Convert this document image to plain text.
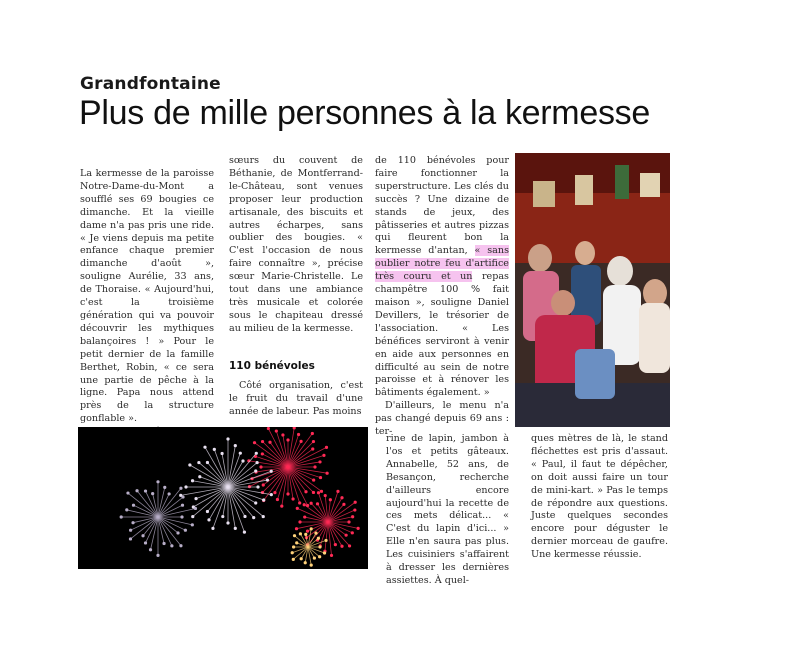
Grandfontaine
Plus de mille personnes à la kermesse

La kermesse de la paroisse Notre-Dame-du-Mont a soufflé ses 69 bougies ce dimanche. Et la vieille dame n'a pas pris une ride. « Je viens depuis ma petite enfance chaque premier dimanche d'août », souligne Aurélie, 33 ans, de Thoraise. « Aujourd'hui, c'est la troisième génération qui va pouvoir découvrir les mythiques balançoires ! » Pour le petit dernier de la famille Berthet, Robin, « ce sera une partie de pêche à la ligne. Papa nous attend près de la structure gonflable ».

sœurs du couvent de Béthanie, de Montferrand-le-Château, sont venues proposer leur production artisanale, des biscuits et autres écharpes, sans oublier des bougies. « C'est l'occasion de nous faire connaître », précise sœur Marie-Christelle. Le tout dans une ambiance très musicale et colorée sous le chapiteau dressé au milieu de la kermesse.

110 bénévoles

Côté organisation, c'est le fruit du travail d'une année de labeur. Pas moins

de 110 bénévoles pour faire fonctionner la superstructure. Les clés du succès ? Une dizaine de stands de jeux, des pâtisseries et autres pizzas qui fleurent bon la kermesse d'antan, « sans oublier notre feu d'artifice très couru et un repas champêtre 100 % fait maison », souligne Daniel Devillers, le trésorier de l'association. « Les bénéfices serviront à venir en aide aux personnes en difficulté au sein de notre paroisse et à rénover les bâtiments également. »

D'ailleurs, le menu n'a pas changé depuis 69 ans : ter-

rine de lapin, jambon à l'os et petits gâteaux. Annabelle, 52 ans, de Besançon, recherche d'ailleurs encore aujourd'hui la recette de ces mets délicat... « C'est du lapin d'ici... » Elle n'en saura pas plus. Les cuisiniers s'affairent à dresser les dernières assiettes. À quel-

ques mètres de là, le stand fléchettes est pris d'assaut. « Paul, il faut te dépêcher, on doit aussi faire un tour de mini-kart. » Pas le temps de répondre aux questions. Juste quelques secondes encore pour déguster le dernier morceau de gaufre. Une kermesse réussie.
